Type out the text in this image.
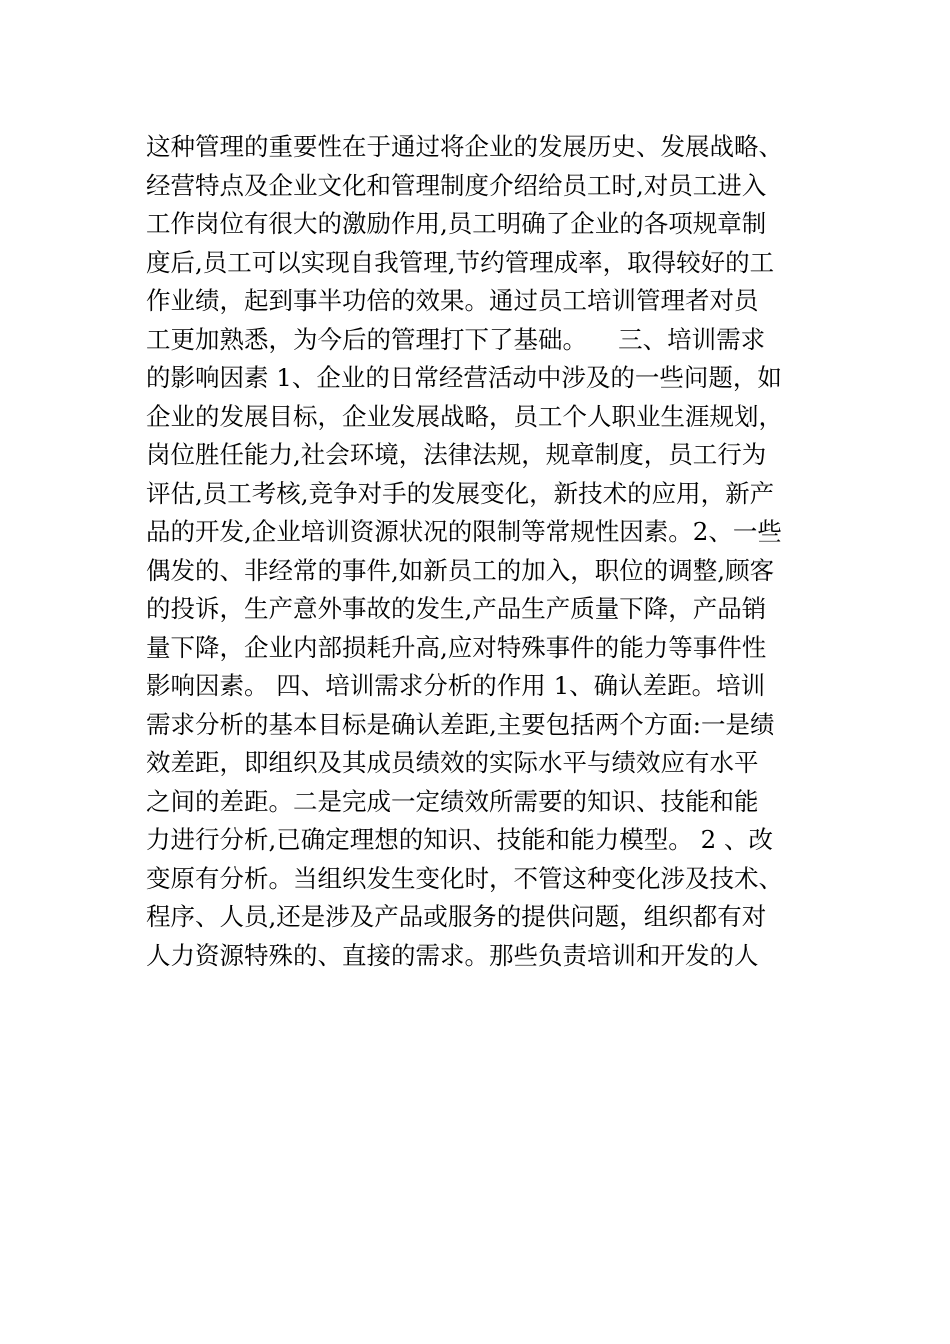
这种管理的重要性在于通过将企业的发展历史、发展战略、
经营特点及企业文化和管理制度介绍给员工时,对员工进入
工作岗位有很大的激励作用,员工明确了企业的各项规章制
度后,员工可以实现自我管理,节约管理成率，取得较好的工
作业绩，起到事半功倍的效果。通过员工培训管理者对员
工更加熟悉，为今后的管理打下了基础。    三、培训需求
的影响因素 1、企业的日常经营活动中涉及的一些问题，如
企业的发展目标，企业发展战略，员工个人职业生涯规划，
岗位胜任能力,社会环境，法律法规，规章制度，员工行为
评估,员工考核,竞争对手的发展变化，新技术的应用，新产
品的开发,企业培训资源状况的限制等常规性因素。2、一些
偶发的、非经常的事件,如新员工的加入，职位的调整,顾客
的投诉，生产意外事故的发生,产品生产质量下降，产品销
量下降，企业内部损耗升高,应对特殊事件的能力等事件性
影响因素。 四、培训需求分析的作用 1、确认差距。培训
需求分析的基本目标是确认差距,主要包括两个方面:一是绩
效差距，即组织及其成员绩效的实际水平与绩效应有水平
之间的差距。二是完成一定绩效所需要的知识、技能和能
力进行分析,已确定理想的知识、技能和能力模型。 2 、改
变原有分析。当组织发生变化时，不管这种变化涉及技术、
程序、人员,还是涉及产品或服务的提供问题，组织都有对
人力资源特殊的、直接的需求。那些负责培训和开发的人
